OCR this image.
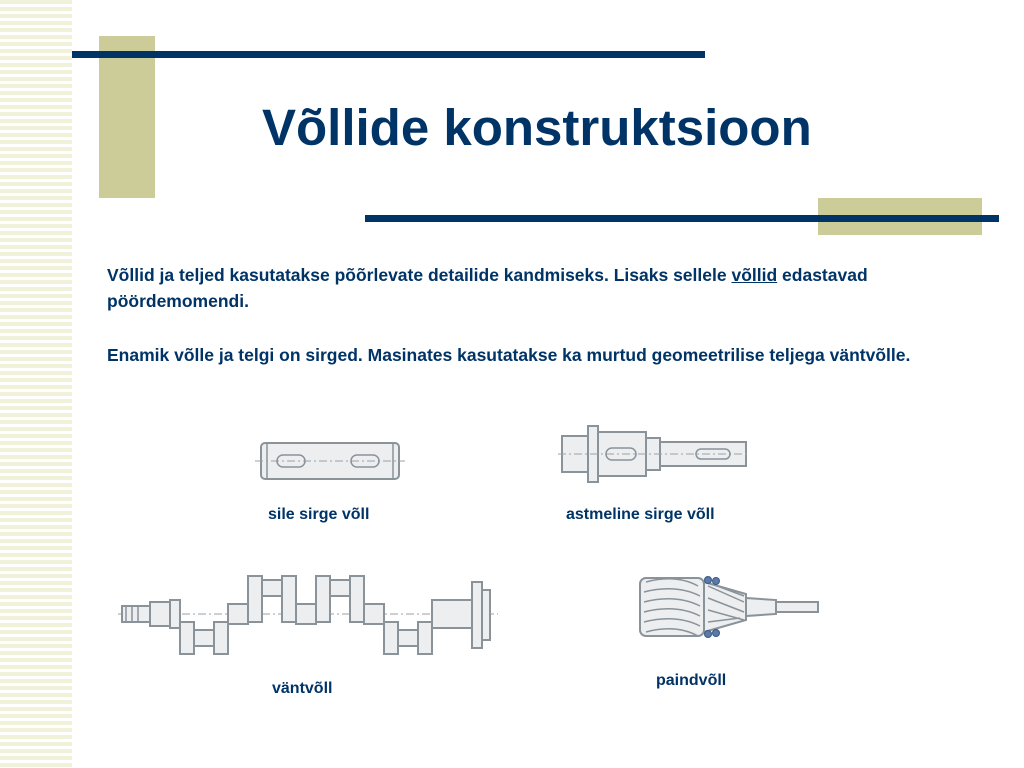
Võllide konstruktsioon
Võllid ja teljed kasutatakse põõrlevate detailide kandmiseks. Lisaks sellele võllid edastavad pöördemomendi.
Enamik võlle ja telgi on sirged. Masinates kasutatakse ka murtud geomeetrilise teljega väntvõlle.
sile sirge võll	astmeline sirge võll
väntvõll	paindvõll
